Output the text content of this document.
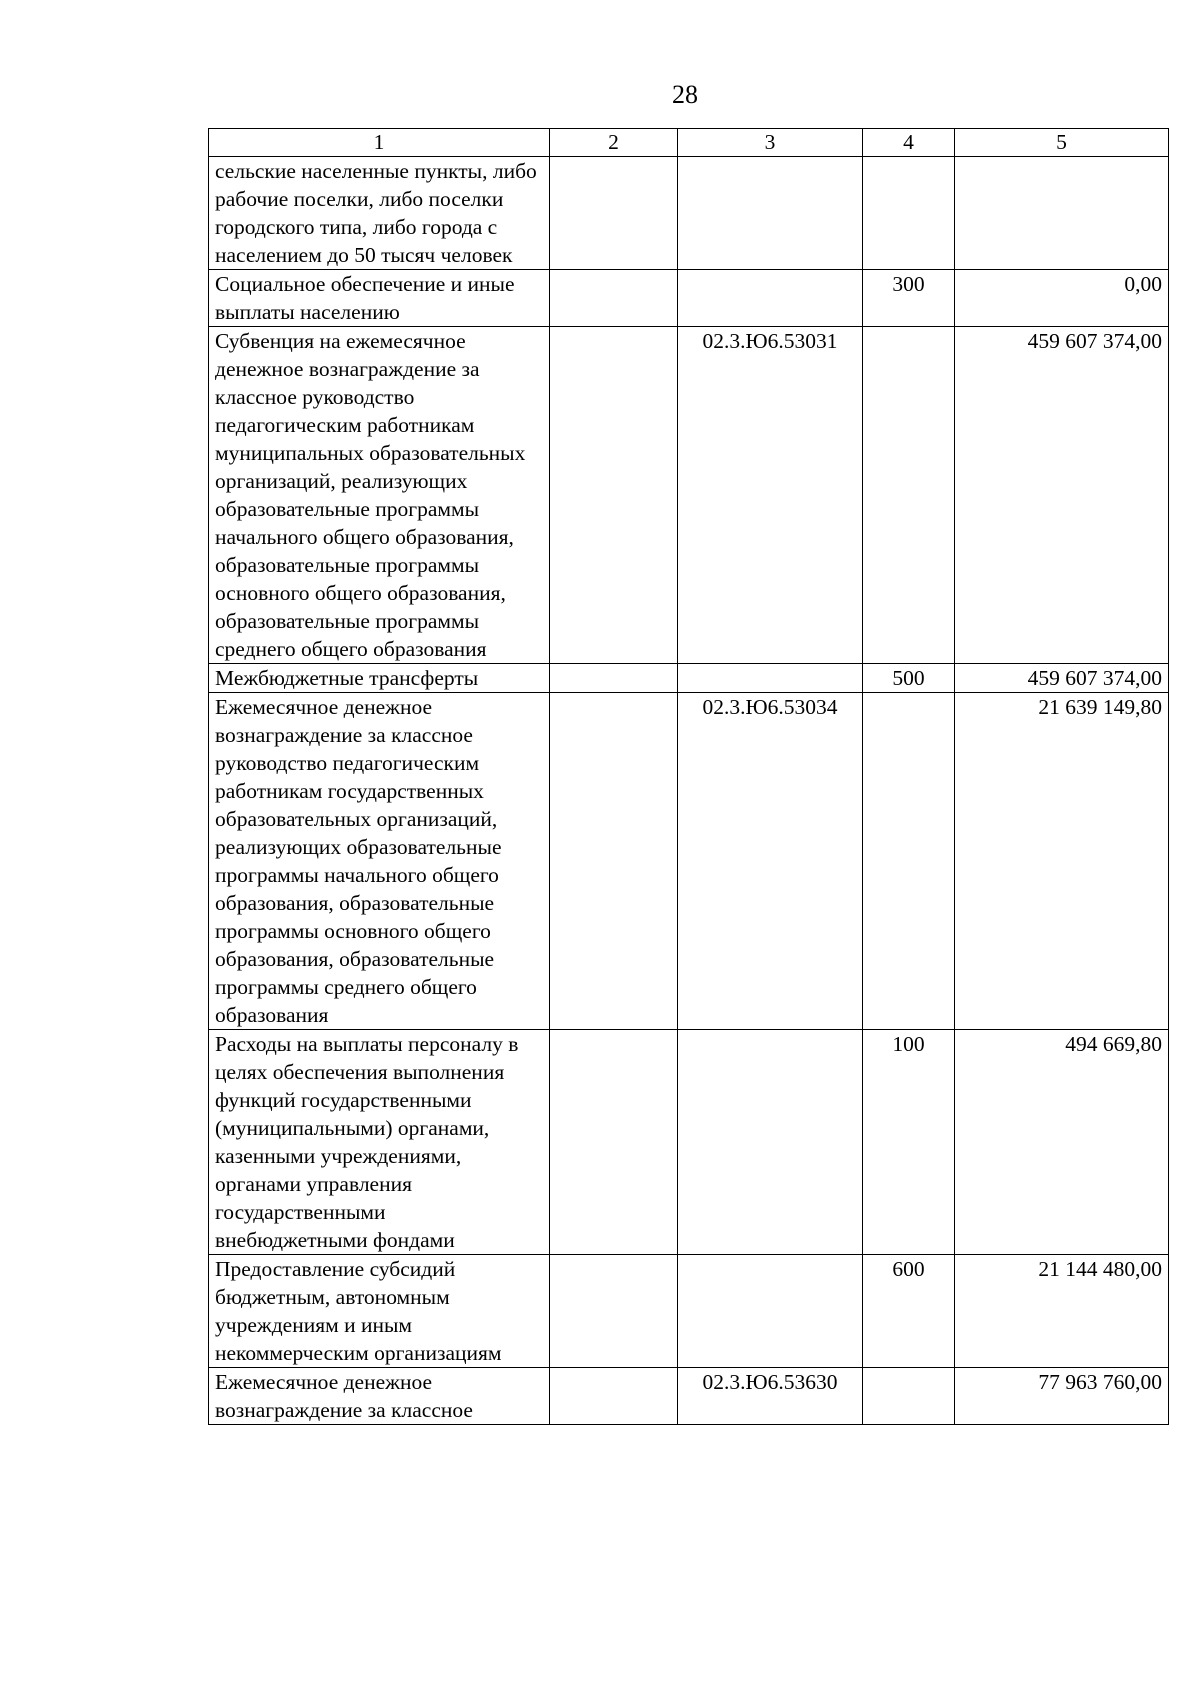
28
1	2	3	4	5
сельские населенные пункты, либо рабочие поселки, либо поселки городского типа, либо города с населением до 50 тысяч человек				
Социальное обеспечение и иные выплаты населению			300	0,00
Субвенция на ежемесячное денежное вознаграждение за классное руководство педагогическим работникам муниципальных образовательных организаций, реализующих образовательные программы начального общего образования, образовательные программы основного общего образования, образовательные программы среднего общего образования		02.3.Ю6.53031		459 607 374,00
Межбюджетные трансферты			500	459 607 374,00
Ежемесячное денежное вознаграждение за классное руководство педагогическим работникам государственных образовательных организаций, реализующих образовательные программы начального общего образования, образовательные программы основного общего образования, образовательные программы среднего общего образования		02.3.Ю6.53034		21 639 149,80
Расходы на выплаты персоналу в целях обеспечения выполнения функций государственными (муниципальными) органами, казенными учреждениями, органами управления государственными внебюджетными фондами			100	494 669,80
Предоставление субсидий бюджетным, автономным учреждениям и иным некоммерческим организациям			600	21 144 480,00
Ежемесячное денежное вознаграждение за классное		02.3.Ю6.53630		77 963 760,00
